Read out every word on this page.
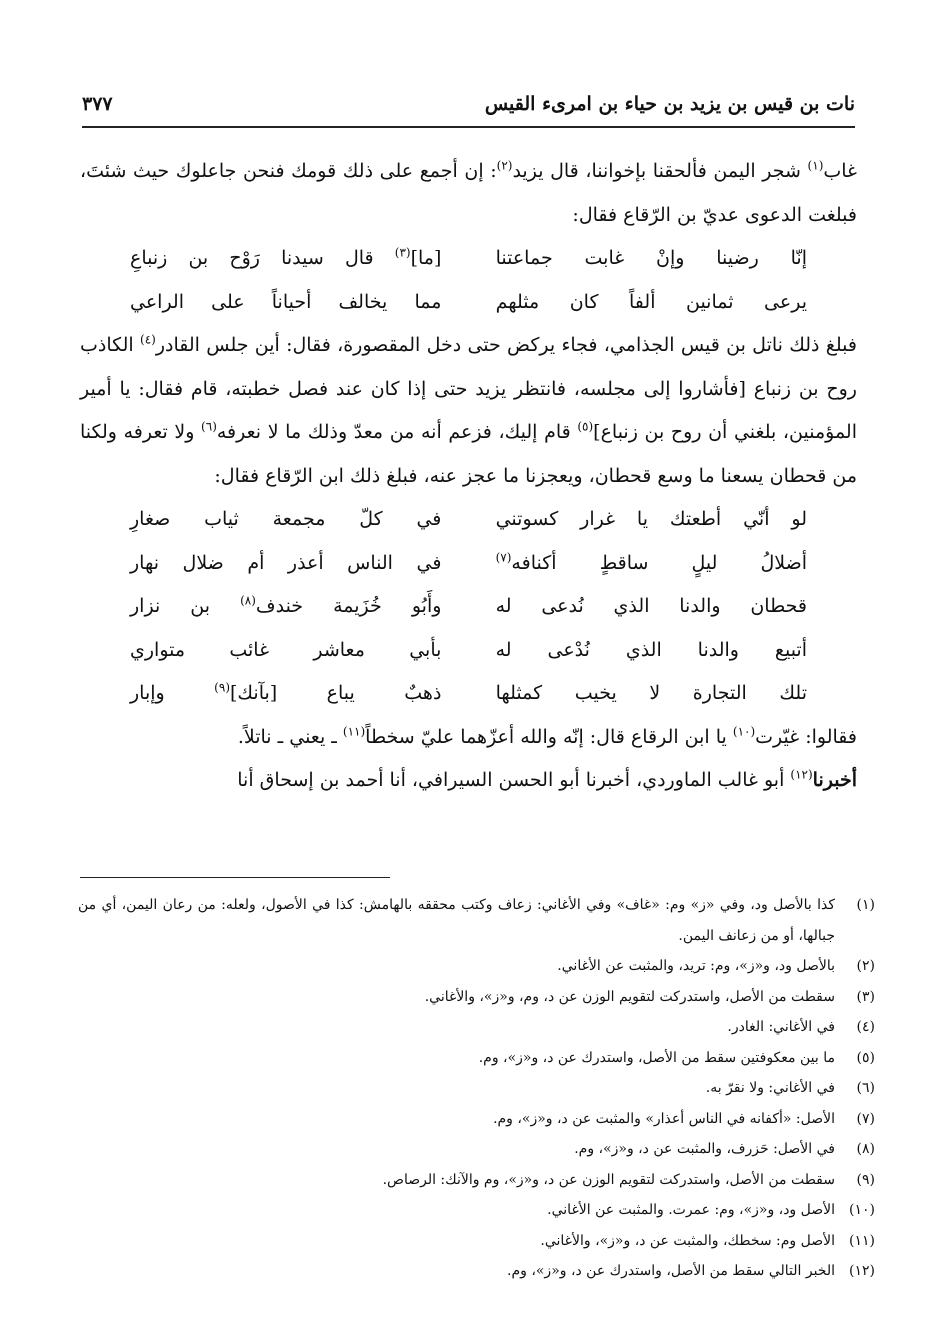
نات بن قيس بن يزيد بن حياء بن امرىء القيس
٣٧٧

غاب$^{(١)}$ شجر اليمن فألحقنا بإخواننا، قال يزيد$^{(٢)}$: إن أجمع على ذلك قومك فنحن جاعلوك حيث شئتَ، فبلغت الدعوى عديّ بن الرّقاع فقال:

إنّا رضينا وإنْ غابت جماعتنا
[ما]$^{(٣)}$ قال سيدنا رَوْح بن زنباعِ
يرعى ثمانين ألفاً كان مثلهم
مما يخالف أحياناً على الراعي

فبلغ ذلك ناتل بن قيس الجذامي، فجاء يركض حتى دخل المقصورة، فقال: أين جلس القادر$^{(٤)}$ الكاذب روح بن زنباع [فأشاروا إلى مجلسه، فانتظر يزيد حتى إذا كان عند فصل خطبته، قام فقال: يا أمير المؤمنين، بلغني أن روح بن زنباع]$^{(٥)}$ قام إليك، فزعم أنه من معدّ وذلك ما لا نعرفه$^{(٦)}$ ولا تعرفه ولكنا من قحطان يسعنا ما وسع قحطان، ويعجزنا ما عجز عنه، فبلغ ذلك ابن الرّقاع فقال:

لو أنّي أطعتك يا غرار كسوتني
في كلّ مجمعة ثياب صغارِ
أضلالُ ليلٍ ساقطٍ أكنافه$^{(٧)}$
في الناس أعذر أم ضلال نهار
قحطان والدنا الذي نُدعى له
وأَبُو خُزَيمة خندف$^{(٨)}$ بن نزار
أتبيع والدنا الذي نُدْعى له
بأبي معاشر غائب متواري
تلك التجارة لا يخيب كمثلها
ذهبٌ يباع [بآنك]$^{(٩)}$ وإبار

فقالوا: غيّرت$^{(١٠)}$ يا ابن الرقاع قال: إنّه والله أعزّهما عليّ سخطاً$^{(١١)}$ ـ يعني ـ ناتلاً.

أخبرنا$^{(١٢)}$ أبو غالب الماوردي، أخبرنا أبو الحسن السيرافي، أنا أحمد بن إسحاق أنا

(١)
كذا بالأصل ود، وفي «ز» وم: «غاف» وفي الأغاني: زعاف وكتب محققه بالهامش: كذا في الأصول، ولعله: من رعان اليمن، أي من جبالها، أو من زعانف اليمن.
(٢)
بالأصل ود، و«ز»، وم: تريد، والمثبت عن الأغاني.
(٣)
سقطت من الأصل، واستدركت لتقويم الوزن عن د، وم، و«ز»، والأغاني.
(٤)
في الأغاني: الغادر.
(٥)
ما بين معكوفتين سقط من الأصل، واستدرك عن د، و«ز»، وم.
(٦)
في الأغاني: ولا نقرّ به.
(٧)
الأصل: «أكفانه في الناس أعذار» والمثبت عن د، و«ز»، وم.
(٨)
في الأصل: حَزرف، والمثبت عن د، و«ز»، وم.
(٩)
سقطت من الأصل، واستدركت لتقويم الوزن عن د، و«ز»، وم والآنك: الرصاص.
(١٠)
الأصل ود، و«ز»، وم: عمرت. والمثبت عن الأغاني.
(١١)
الأصل وم: سخطك، والمثبت عن د، و«ز»، والأغاني.
(١٢)
الخبر التالي سقط من الأصل، واستدرك عن د، و«ز»، وم.
